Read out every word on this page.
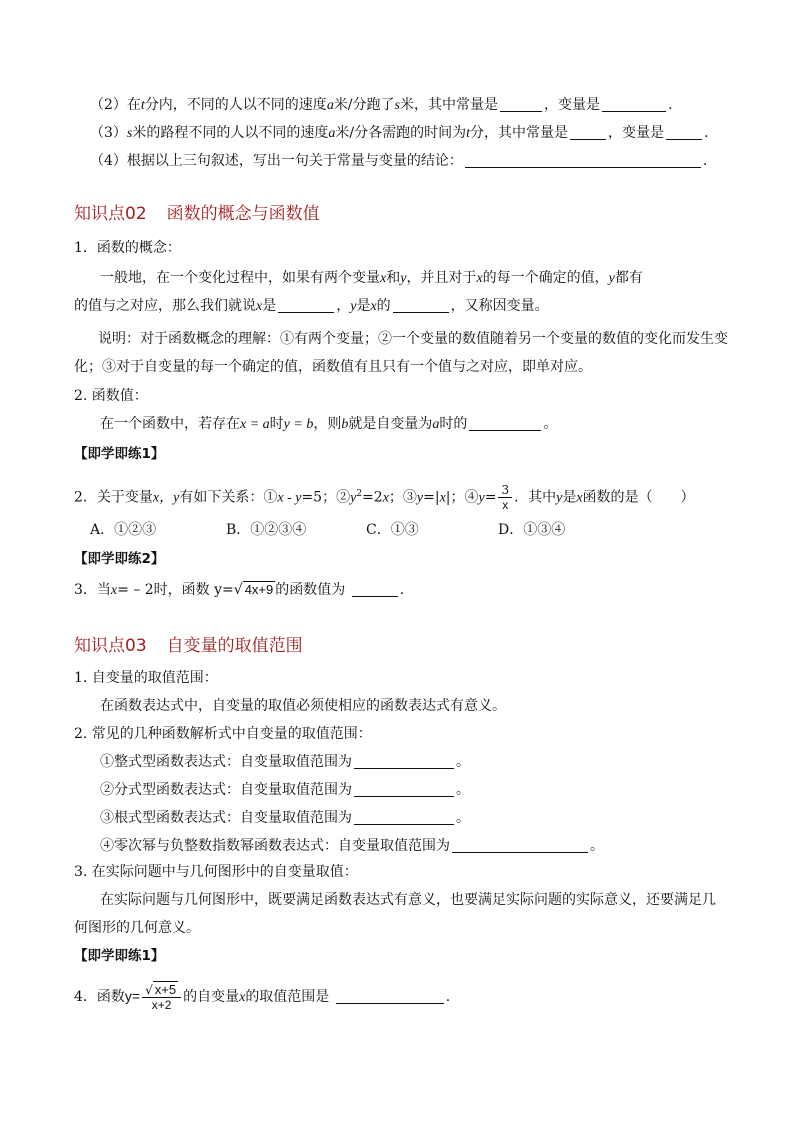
（2）在t分内，不同的人以不同的速度a米/分跑了s米，其中常量是	，变量是	.
（3）s米的路程不同的人以不同的速度a米/分各需跑的时间为t分，其中常量是	，变量是	.
（4）根据以上三句叙述，写出一句关于常量与变量的结论：	.
知识点02 函数的概念与函数值
1．函数的概念：
一般地，在一个变化过程中，如果有两个变量x和y，并且对于x的每一个确定的值，y都有
的值与之对应，那么我们就说x是	，y是x的	，又称因变量。
说明：对于函数概念的理解：①有两个变量；②一个变量的数值随着另一个变量的数值的变化而发生变
化；③对于自变量的每一个确定的值，函数值有且只有一个值与之对应，即单对应。
2. 函数值：
在一个函数中，若存在x = a时y = b，则b就是自变量为a时的	。
【即学即练1】
2．关于变量x，y有如下关系：①x - y=5；$②y^2=2x$；③y=|x|；④y= $\frac{3}{x}$ ．其中y是x函数的是（　　）
A．①②③	B．①②③④	C．①③	D．①③④
【即学即练2】
3．当x= – 2时，函数 y=√ 4x+9 的函数值为	.
知识点03 自变量的取值范围
1. 自变量的取值范围：
在函数表达式中，自变量的取值必须使相应的函数表达式有意义。
2. 常见的几种函数解析式中自变量的取值范围：
①整式型函数表达式：自变量取值范围为	。
②分式型函数表达式：自变量取值范围为	。
③根式型函数表达式：自变量取值范围为	。
④零次幂与负整数指数幂函数表达式：自变量取值范围为	。
3. 在实际问题中与几何图形中的自变量取值：
在实际问题与几何图形中，既要满足函数表达式有意义，也要满足实际问题的实际意义，还要满足几
何图形的几何意义。
【即学即练1】
4．函数$y= \frac{√ x+5}{x+2}$ 的自变量x的取值范围是	.
